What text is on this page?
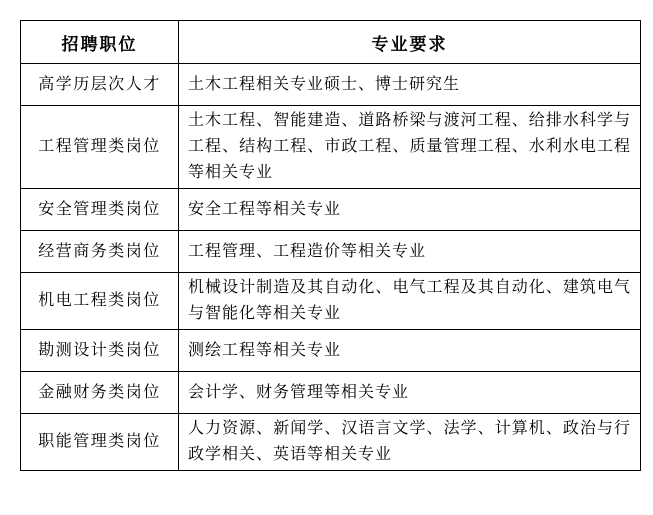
招聘职位	专业要求
高学历层次人才	土木工程相关专业硕士、博士研究生
工程管理类岗位	土木工程、智能建造、道路桥梁与渡河工程、给排水科学与工程、结构工程、市政工程、质量管理工程、水利水电工程等相关专业
安全管理类岗位	安全工程等相关专业
经营商务类岗位	工程管理、工程造价等相关专业
机电工程类岗位	机械设计制造及其自动化、电气工程及其自动化、建筑电气与智能化等相关专业
勘测设计类岗位	测绘工程等相关专业
金融财务类岗位	会计学、财务管理等相关专业
职能管理类岗位	人力资源、新闻学、汉语言文学、法学、计算机、政治与行政学相关、英语等相关专业
